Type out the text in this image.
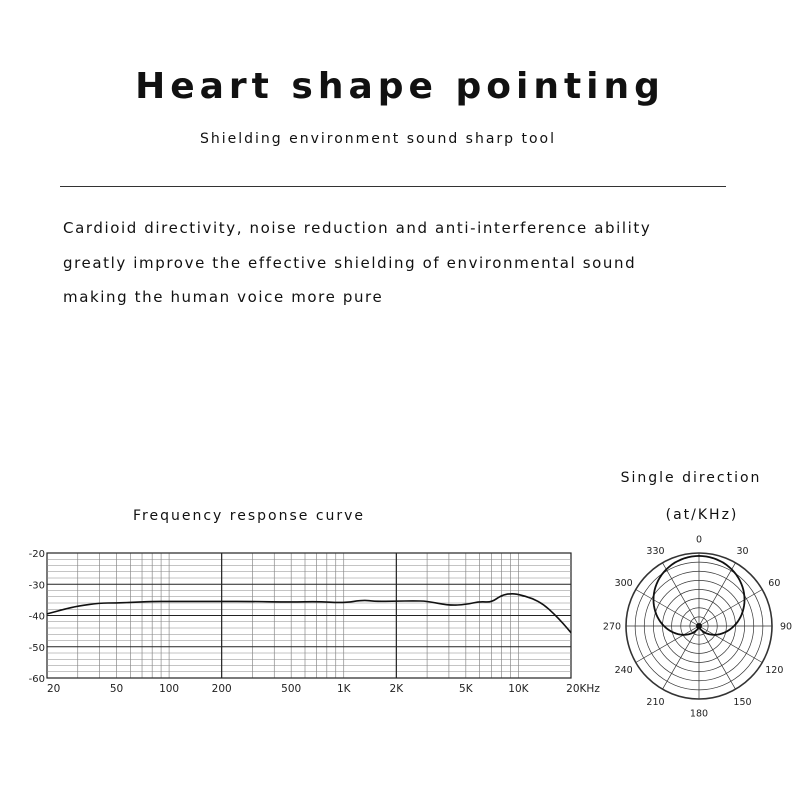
Heart shape pointing
Shielding environment sound sharp tool
Cardioid directivity, noise reduction and anti-interference ability
greatly improve the effective shielding of environmental sound
making the human voice more pure
Frequency response curve
Single direction
(at/KHz)
-20
-30
-40
-50
-60
20	50	100	200	500	1K	2K	5K	10K	20KHz
0
30
60
90
120
150
180
210
240
270
300
330
